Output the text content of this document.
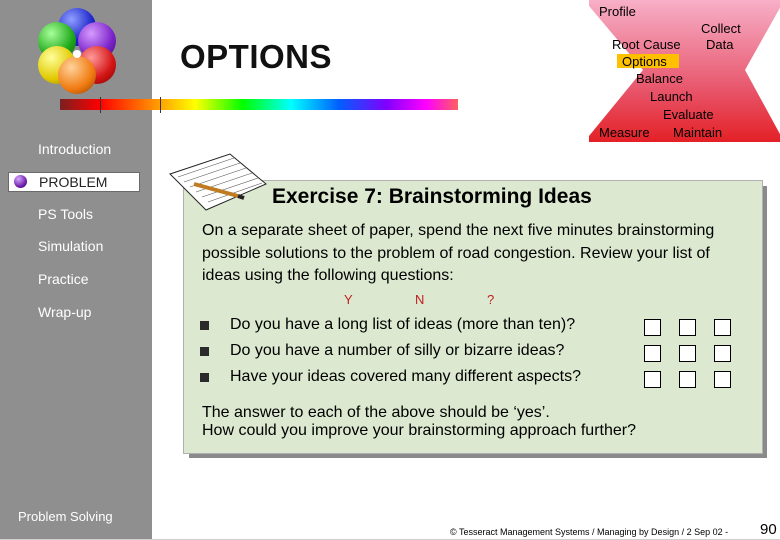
OPTIONS
Introduction
PROBLEM
PS Tools
Simulation
Practice
Wrap-up
Problem Solving
Profile
Collect
Data
Root Cause
Options
Balance
Launch
Evaluate
Measure Maintain
Exercise 7: Brainstorming Ideas
On a separate sheet of paper, spend the next five minutes brainstorming possible solutions to the problem of road congestion. Review your list of ideas using the following questions:
Y	N	?
Do you have a long list of ideas (more than ten)?
Do you have a number of silly or bizarre ideas?
Have your ideas covered many different aspects?
The answer to each of the above should be ‘yes’.
How could you improve your brainstorming approach further?
© Tesseract Management Systems / Managing by Design / 2 Sep 02 - 90
